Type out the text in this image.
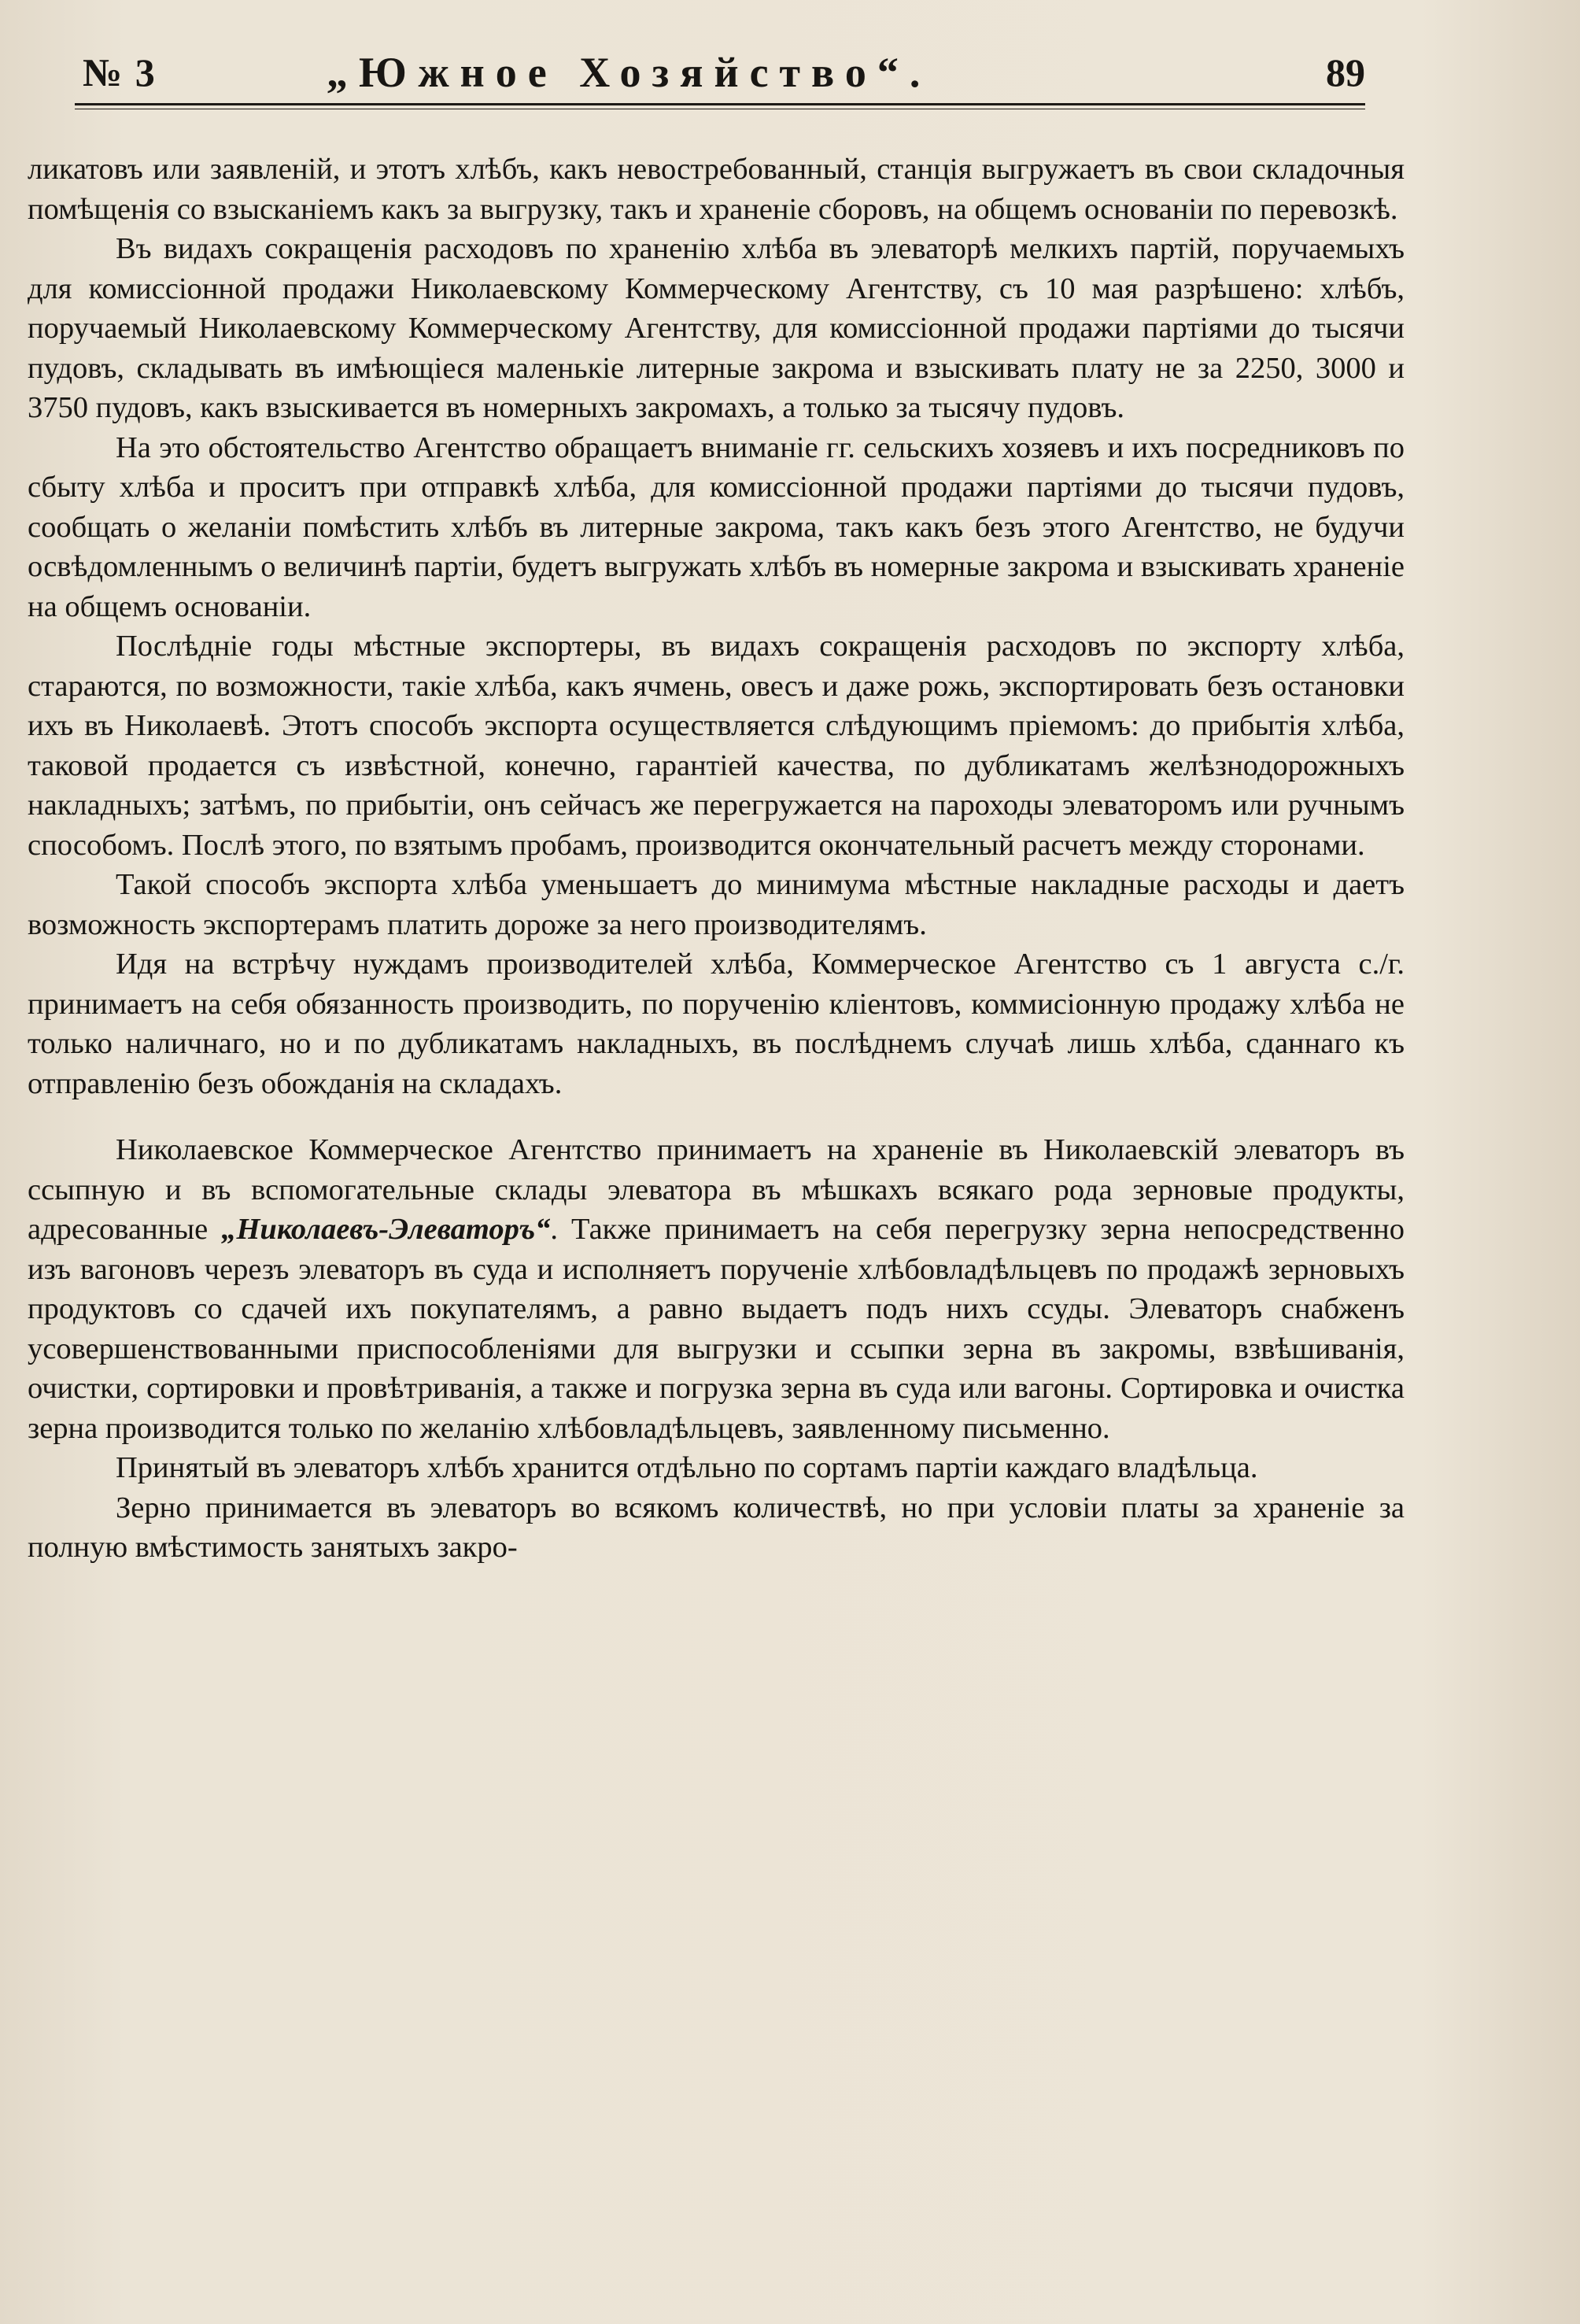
№ 3	„Южное Хозяйство“.	89

ликатовъ или заявленій, и этотъ хлѣбъ, какъ невостребованный, станція выгружаетъ въ свои складочныя помѣщенія со взысканіемъ какъ за выгрузку, такъ и храненіе сборовъ, на общемъ основаніи по перевозкѣ.

Въ видахъ сокращенія расходовъ по храненію хлѣба въ элеваторѣ мелкихъ партій, поручаемыхъ для комиссіонной продажи Николаевскому Коммерческому Агентству, съ 10 мая разрѣшено: хлѣбъ, поручаемый Николаевскому Коммерческому Агентству, для комиссіонной продажи партіями до тысячи пудовъ, складывать въ имѣющіеся маленькіе литерные закрома и взыскивать плату не за 2250, 3000 и 3750 пудовъ, какъ взыскивается въ номерныхъ закромахъ, а только за тысячу пудовъ.

На это обстоятельство Агентство обращаетъ вниманіе гг. сельскихъ хозяевъ и ихъ посредниковъ по сбыту хлѣба и проситъ при отправкѣ хлѣба, для комиссіонной продажи партіями до тысячи пудовъ, сообщать о желаніи помѣстить хлѣбъ въ литерные закрома, такъ какъ безъ этого Агентство, не будучи освѣдомленнымъ о величинѣ партіи, будетъ выгружать хлѣбъ въ номерные закрома и взыскивать храненіе на общемъ основаніи.

Послѣдніе годы мѣстные экспортеры, въ видахъ сокращенія расходовъ по экспорту хлѣба, стараются, по возможности, такіе хлѣба, какъ ячмень, овесъ и даже рожь, экспортировать безъ остановки ихъ въ Николаевѣ. Этотъ способъ экспорта осуществляется слѣдующимъ пріемомъ: до прибытія хлѣба, таковой продается съ извѣстной, конечно, гарантіей качества, по дубликатамъ желѣзнодорожныхъ накладныхъ; затѣмъ, по прибытіи, онъ сейчасъ же перегружается на пароходы элеваторомъ или ручнымъ способомъ. Послѣ этого, по взятымъ пробамъ, производится окончательный расчетъ между сторонами.

Такой способъ экспорта хлѣба уменьшаетъ до минимума мѣстные накладные расходы и даетъ возможность экспортерамъ платить дороже за него производителямъ.

Идя на встрѣчу нуждамъ производителей хлѣба, Коммерческое Агентство съ 1 августа с./г. принимаетъ на себя обязанность производить, по порученію кліентовъ, коммисіонную продажу хлѣба не только наличнаго, но и по дубликатамъ накладныхъ, въ послѣднемъ случаѣ лишь хлѣба, сданнаго къ отправленію безъ обожданія на складахъ.

Николаевское Коммерческое Агентство принимаетъ на храненіе въ Николаевскій элеваторъ въ ссыпную и въ вспомогательные склады элеватора въ мѣшкахъ всякаго рода зерновые продукты, адресованные „Николаевъ-Элеваторъ“. Также принимаетъ на себя перегрузку зерна непосредственно изъ вагоновъ черезъ элеваторъ въ суда и исполняетъ порученіе хлѣбовладѣльцевъ по продажѣ зерновыхъ продуктовъ со сдачей ихъ покупателямъ, а равно выдаетъ подъ нихъ ссуды. Элеваторъ снабженъ усовершенствованными приспособленіями для выгрузки и ссыпки зерна въ закромы, взвѣшиванія, очистки, сортировки и провѣтриванія, а также и погрузка зерна въ суда или вагоны. Сортировка и очистка зерна производится только по желанію хлѣбовладѣльцевъ, заявленному письменно.

Принятый въ элеваторъ хлѣбъ хранится отдѣльно по сортамъ партіи каждаго владѣльца.

Зерно принимается въ элеваторъ во всякомъ количествѣ, но при условіи платы за храненіе за полную вмѣстимость занятыхъ закро-
